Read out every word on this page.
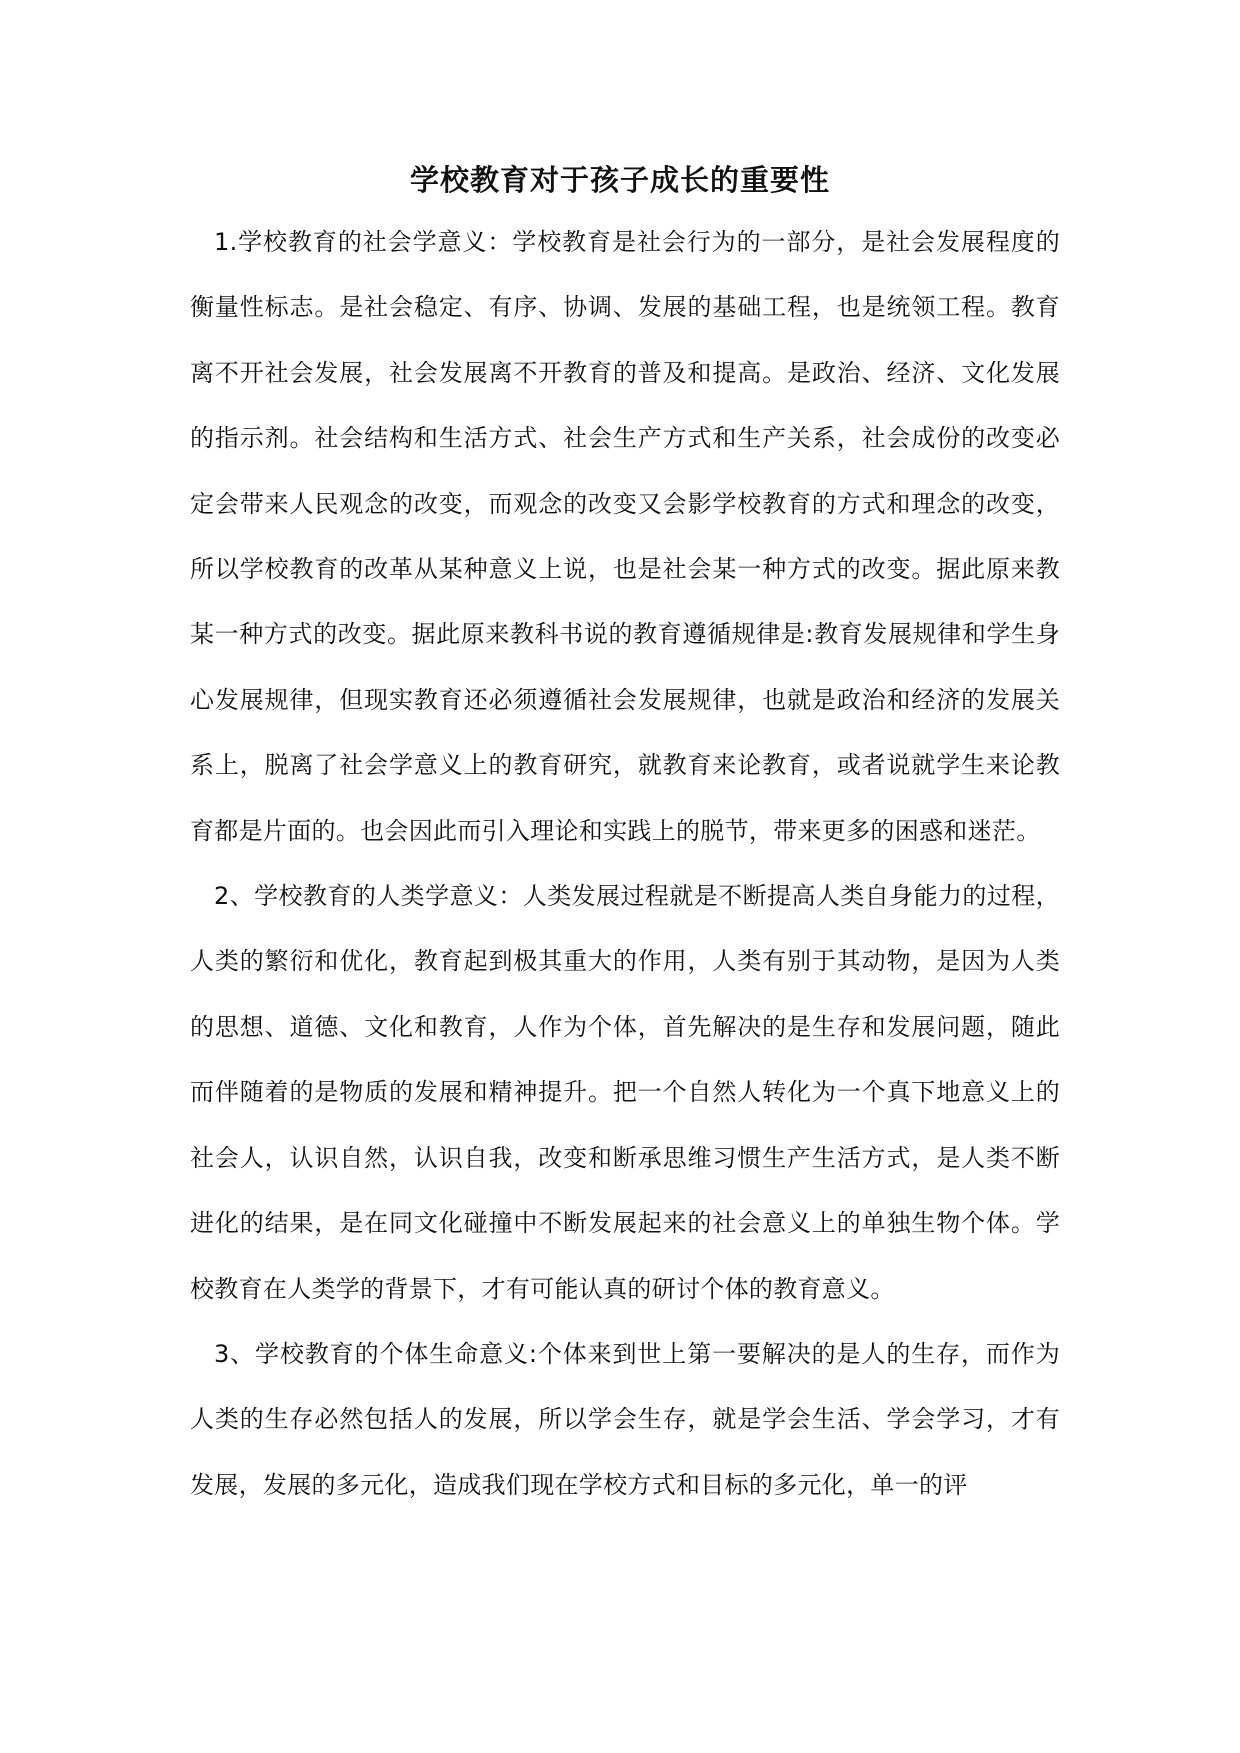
学校教育对于孩子成长的重要性

1.学校教育的社会学意义：学校教育是社会行为的一部分，是社会发展程度的衡量性标志。是社会稳定、有序、协调、发展的基础工程，也是统领工程。教育离不开社会发展，社会发展离不开教育的普及和提高。是政治、经济、文化发展的指示剂。社会结构和生活方式、社会生产方式和生产关系，社会成份的改变必定会带来人民观念的改变，而观念的改变又会影学校教育的方式和理念的改变，所以学校教育的改革从某种意义上说，也是社会某一种方式的改变。据此原来教某一种方式的改变。据此原来教科书说的教育遵循规律是:教育发展规律和学生身心发展规律，但现实教育还必须遵循社会发展规律，也就是政治和经济的发展关系上，脱离了社会学意义上的教育研究，就教育来论教育，或者说就学生来论教育都是片面的。也会因此而引入理论和实践上的脱节，带来更多的困惑和迷茫。

2、学校教育的人类学意义：人类发展过程就是不断提高人类自身能力的过程，人类的繁衍和优化，教育起到极其重大的作用，人类有别于其动物，是因为人类的思想、道德、文化和教育，人作为个体，首先解决的是生存和发展问题，随此而伴随着的是物质的发展和精神提升。把一个自然人转化为一个真下地意义上的社会人，认识自然，认识自我，改变和断承思维习惯生产生活方式，是人类不断进化的结果，是在同文化碰撞中不断发展起来的社会意义上的单独生物个体。学校教育在人类学的背景下，才有可能认真的研讨个体的教育意义。

3、学校教育的个体生命意义:个体来到世上第一要解决的是人的生存，而作为人类的生存必然包括人的发展，所以学会生存，就是学会生活、学会学习，才有发展，发展的多元化，造成我们现在学校方式和目标的多元化，单一的评
